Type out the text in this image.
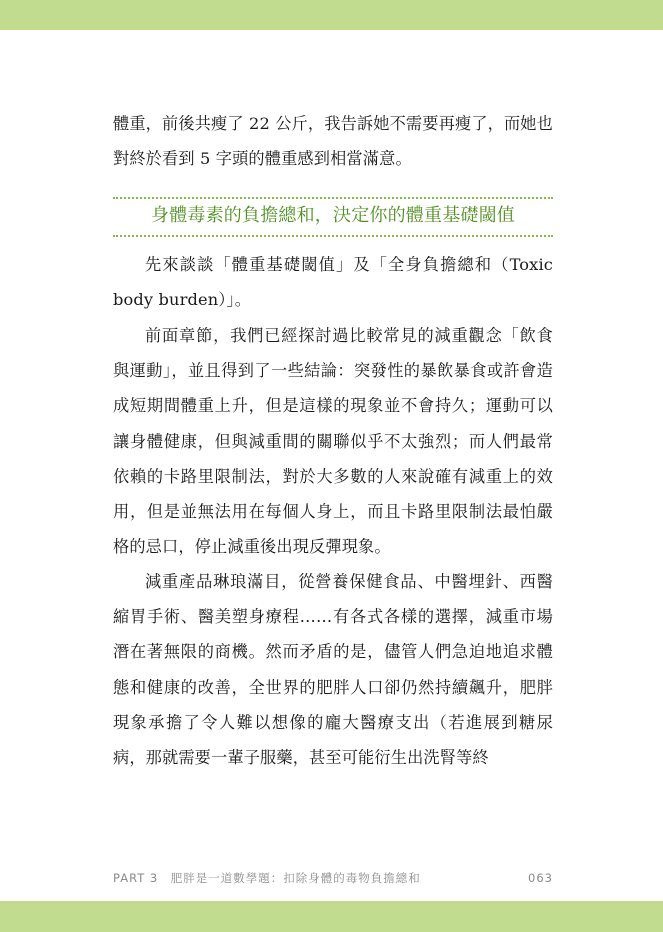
體重，前後共瘦了 22 公斤，我告訴她不需要再瘦了，而她也對終於看到 5 字頭的體重感到相當滿意。

身體毒素的負擔總和，決定你的體重基礎閾值

先來談談「體重基礎閾值」及「全身負擔總和（Toxic body burden）」。

前面章節，我們已經探討過比較常見的減重觀念「飲食與運動」，並且得到了一些結論：突發性的暴飲暴食或許會造成短期間體重上升，但是這樣的現象並不會持久；運動可以讓身體健康，但與減重間的關聯似乎不太強烈；而人們最常依賴的卡路里限制法，對於大多數的人來說確有減重上的效用，但是並無法用在每個人身上，而且卡路里限制法最怕嚴格的忌口，停止減重後出現反彈現象。

減重產品琳琅滿目，從營養保健食品、中醫埋針、西醫縮胃手術、醫美塑身療程……有各式各樣的選擇，減重市場潛在著無限的商機。然而矛盾的是，儘管人們急迫地追求體態和健康的改善，全世界的肥胖人口卻仍然持續飆升，肥胖現象承擔了令人難以想像的龐大醫療支出（若進展到糖尿病，那就需要一輩子服藥，甚至可能衍生出洗腎等終

PART 3　肥胖是一道數學題：扣除身體的毒物負擔總和	063
